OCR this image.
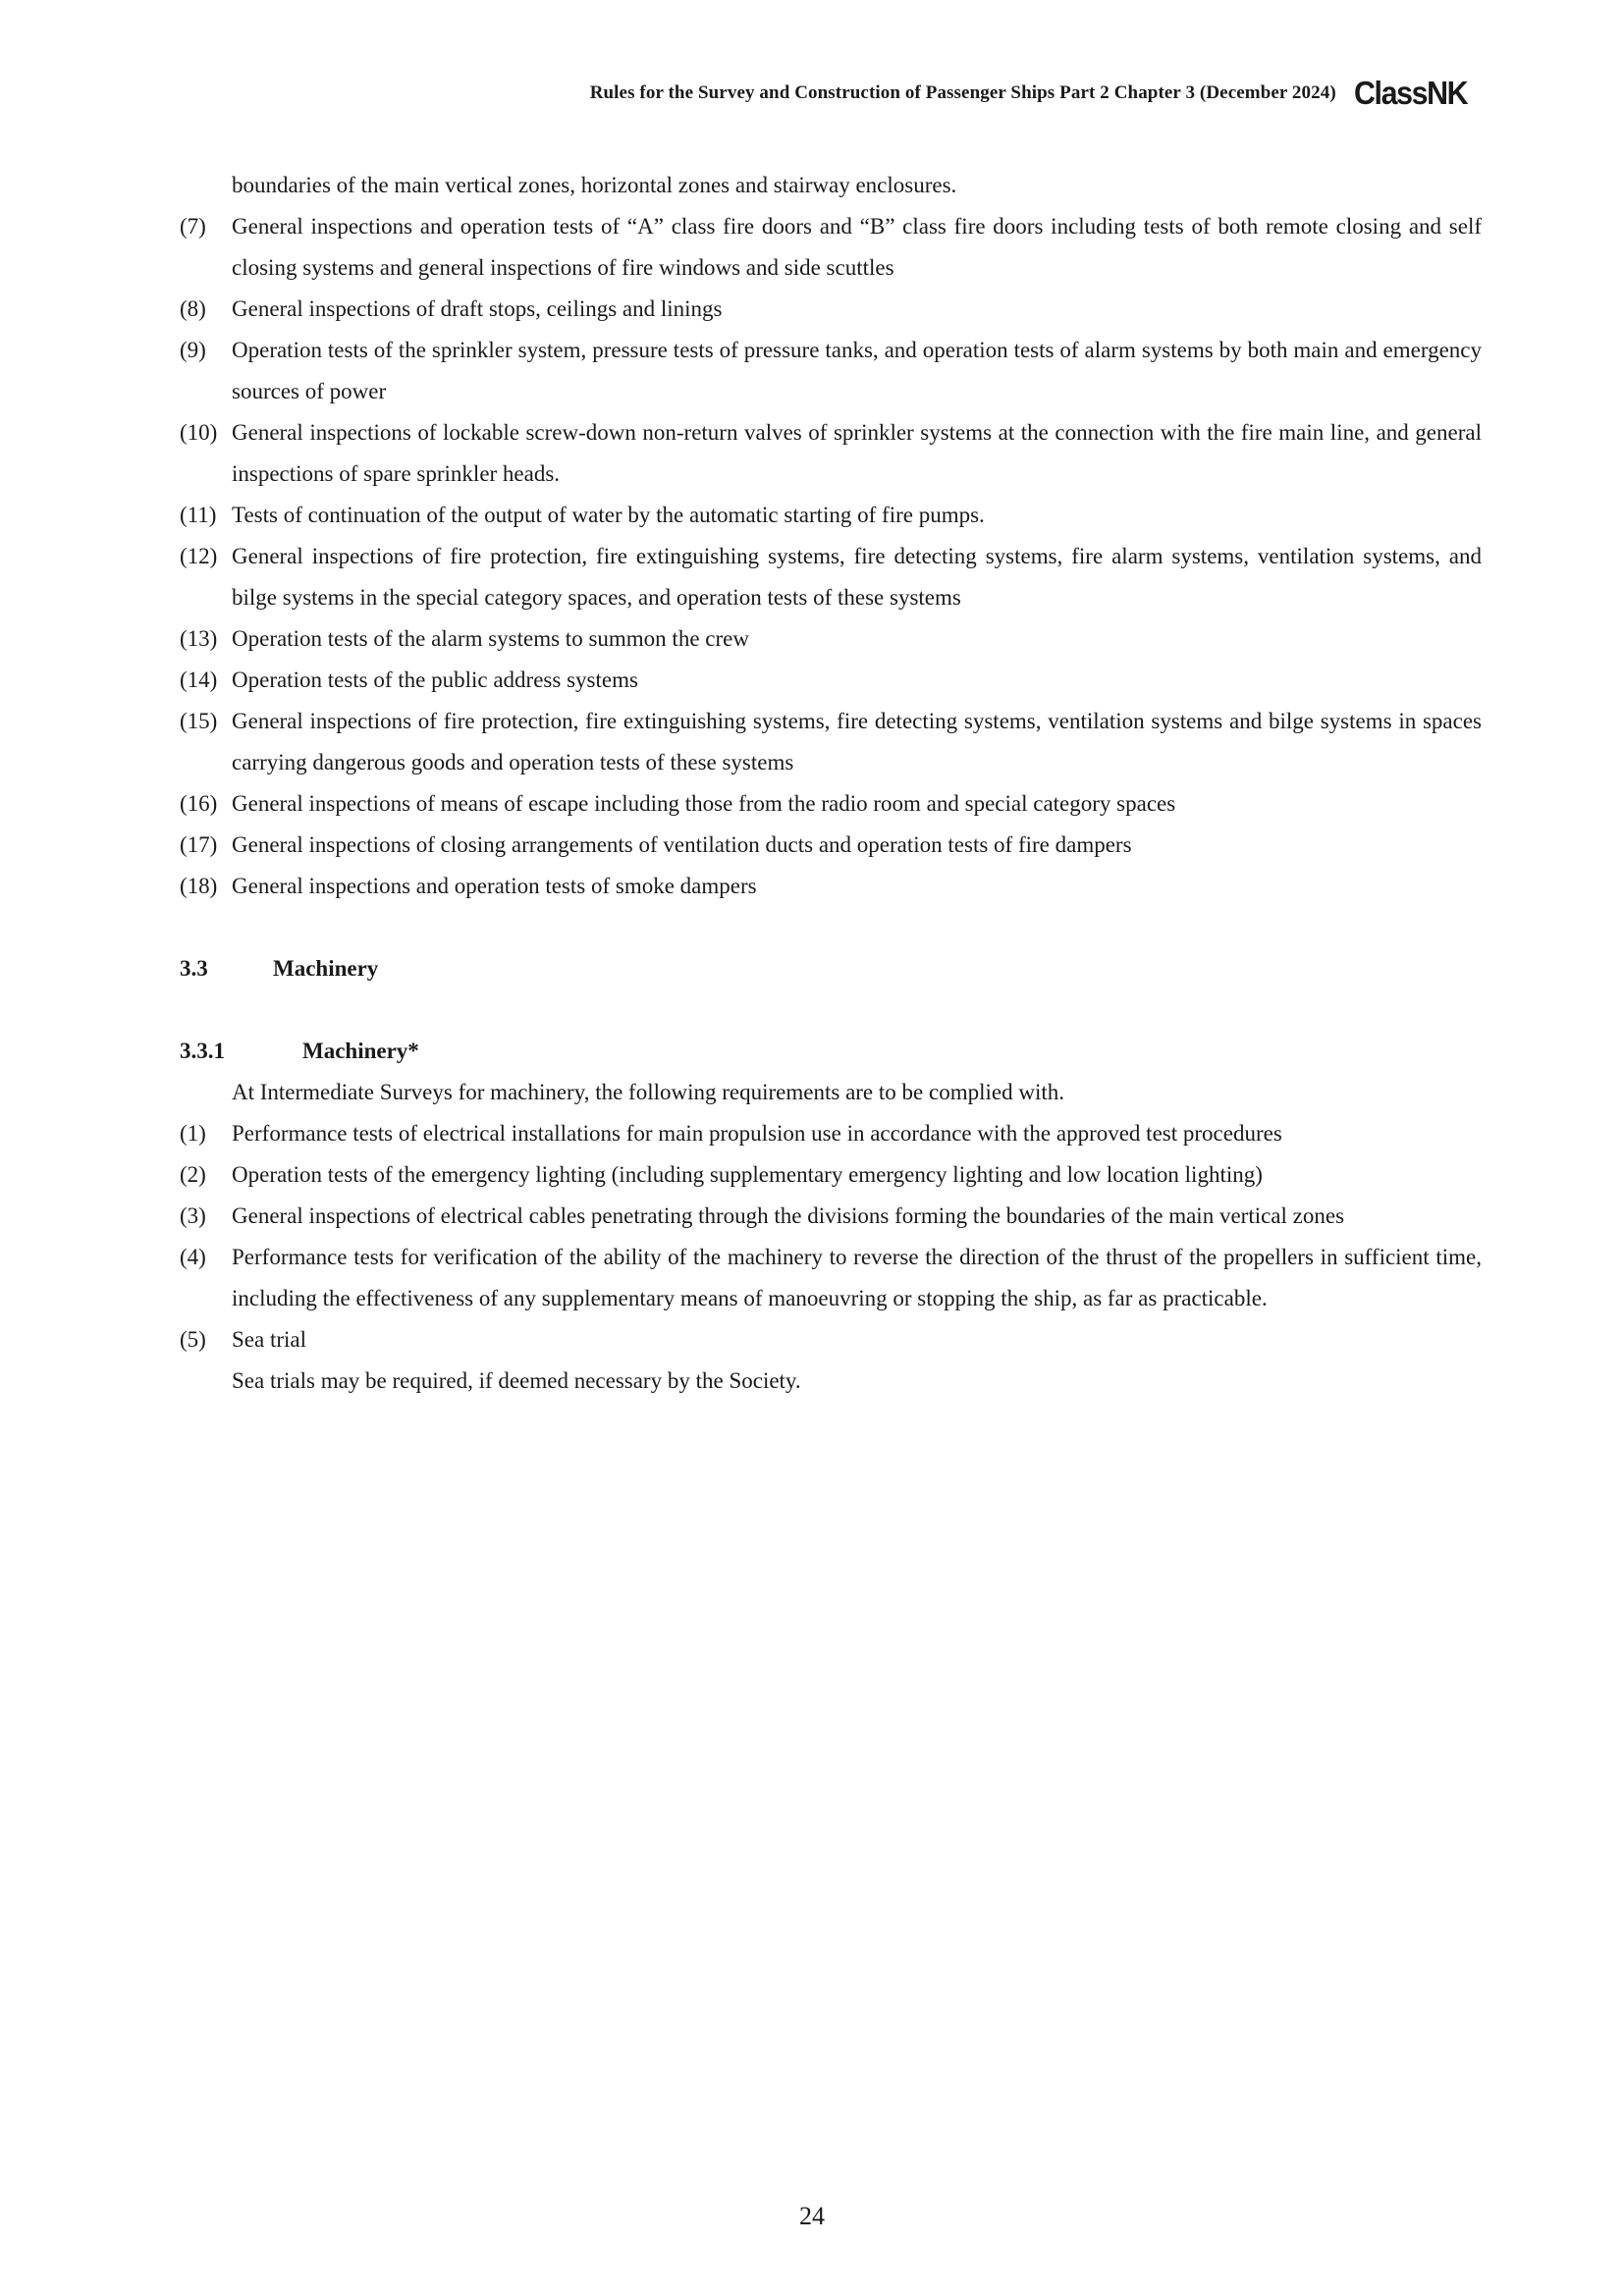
Rules for the Survey and Construction of Passenger Ships Part 2 Chapter 3 (December 2024) ClassNK
boundaries of the main vertical zones, horizontal zones and stairway enclosures.
(7) General inspections and operation tests of “A” class fire doors and “B” class fire doors including tests of both remote closing and self closing systems and general inspections of fire windows and side scuttles
(8) General inspections of draft stops, ceilings and linings
(9) Operation tests of the sprinkler system, pressure tests of pressure tanks, and operation tests of alarm systems by both main and emergency sources of power
(10) General inspections of lockable screw-down non-return valves of sprinkler systems at the connection with the fire main line, and general inspections of spare sprinkler heads.
(11) Tests of continuation of the output of water by the automatic starting of fire pumps.
(12) General inspections of fire protection, fire extinguishing systems, fire detecting systems, fire alarm systems, ventilation systems, and bilge systems in the special category spaces, and operation tests of these systems
(13) Operation tests of the alarm systems to summon the crew
(14) Operation tests of the public address systems
(15) General inspections of fire protection, fire extinguishing systems, fire detecting systems, ventilation systems and bilge systems in spaces carrying dangerous goods and operation tests of these systems
(16) General inspections of means of escape including those from the radio room and special category spaces
(17) General inspections of closing arrangements of ventilation ducts and operation tests of fire dampers
(18) General inspections and operation tests of smoke dampers
3.3	Machinery
3.3.1	Machinery*
At Intermediate Surveys for machinery, the following requirements are to be complied with.
(1) Performance tests of electrical installations for main propulsion use in accordance with the approved test procedures
(2) Operation tests of the emergency lighting (including supplementary emergency lighting and low location lighting)
(3) General inspections of electrical cables penetrating through the divisions forming the boundaries of the main vertical zones
(4) Performance tests for verification of the ability of the machinery to reverse the direction of the thrust of the propellers in sufficient time, including the effectiveness of any supplementary means of manoeuvring or stopping the ship, as far as practicable.
(5) Sea trial
Sea trials may be required, if deemed necessary by the Society.
24
